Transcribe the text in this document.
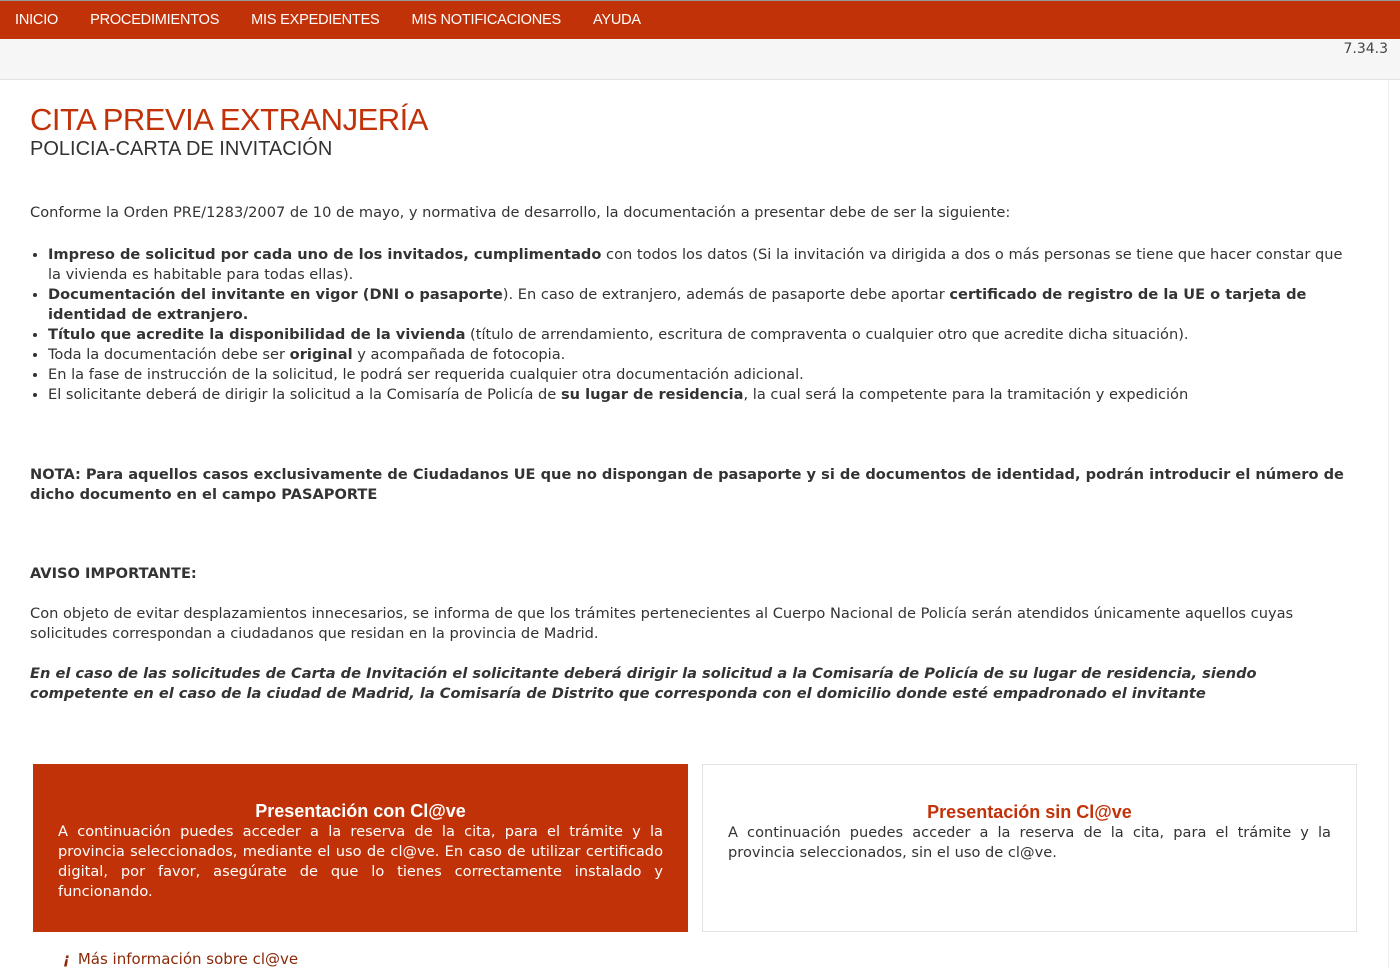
INICIO PROCEDIMIENTOS MIS EXPEDIENTES MIS NOTIFICACIONES AYUDA
7.34.3
CITA PREVIA EXTRANJERÍA
POLICIA-CARTA DE INVITACIÓN

Conforme la Orden PRE/1283/2007 de 10 de mayo, y normativa de desarrollo, la documentación a presentar debe de ser la siguiente:

• Impreso de solicitud por cada uno de los invitados, cumplimentado con todos los datos (Si la invitación va dirigida a dos o más personas se tiene que hacer constar que la vivienda es habitable para todas ellas).
• Documentación del invitante en vigor (DNI o pasaporte). En caso de extranjero, además de pasaporte debe aportar certificado de registro de la UE o tarjeta de identidad de extranjero.
• Título que acredite la disponibilidad de la vivienda (título de arrendamiento, escritura de compraventa o cualquier otro que acredite dicha situación).
• Toda la documentación debe ser original y acompañada de fotocopia.
• En la fase de instrucción de la solicitud, le podrá ser requerida cualquier otra documentación adicional.
• El solicitante deberá de dirigir la solicitud a la Comisaría de Policía de su lugar de residencia, la cual será la competente para la tramitación y expedición

NOTA: Para aquellos casos exclusivamente de Ciudadanos UE que no dispongan de pasaporte y si de documentos de identidad, podrán introducir el número de dicho documento en el campo PASAPORTE

AVISO IMPORTANTE:

Con objeto de evitar desplazamientos innecesarios, se informa de que los trámites pertenecientes al Cuerpo Nacional de Policía serán atendidos únicamente aquellos cuyas solicitudes correspondan a ciudadanos que residan en la provincia de Madrid.

En el caso de las solicitudes de Carta de Invitación el solicitante deberá dirigir la solicitud a la Comisaría de Policía de su lugar de residencia, siendo competente en el caso de la ciudad de Madrid, la Comisaría de Distrito que corresponda con el domicilio donde esté empadronado el invitante

Presentación con Cl@ve

A continuación puedes acceder a la reserva de la cita, para el trámite y la provincia seleccionados, mediante el uso de cl@ve. En caso de utilizar certificado digital, por favor, asegúrate de que lo tienes correctamente instalado y funcionando.

Presentación sin Cl@ve

A continuación puedes acceder a la reserva de la cita, para el trámite y la provincia seleccionados, sin el uso de cl@ve.

¡ Más información sobre cl@ve
